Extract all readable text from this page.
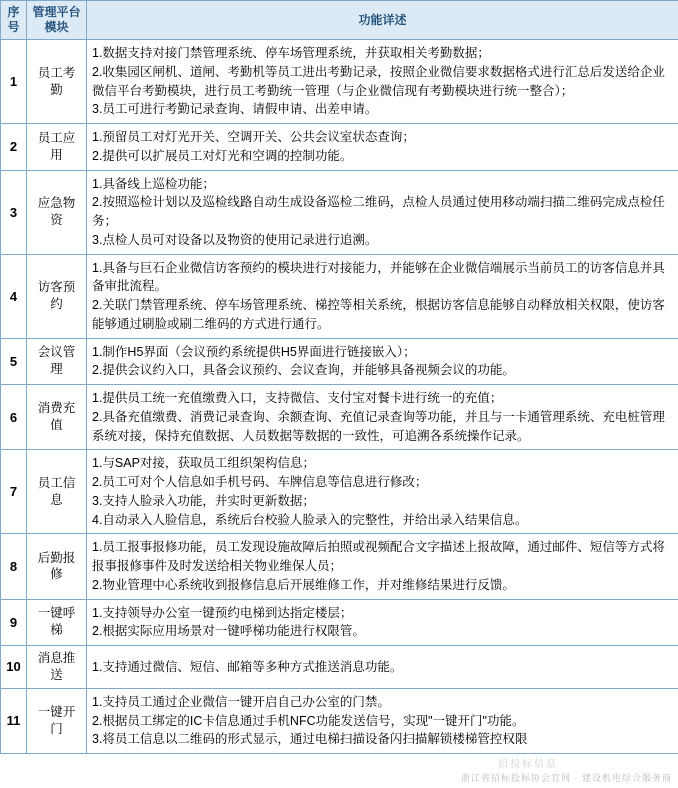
序号	管理平台模块	功能详述
1	员工考勤	1.数据支持对接门禁管理系统、停车场管理系统，并获取相关考勤数据；
2.收集园区闸机、道闸、考勤机等员工进出考勤记录，按照企业微信要求数据格式进行汇总后发送给企业微信平台考勤模块，进行员工考勤统一管理（与企业微信现有考勤模块进行统一整合）；
3.员工可进行考勤记录查询、请假申请、出差申请。

2	员工应用	1.预留员工对灯光开关、空调开关、公共会议室状态查询；
2.提供可以扩展员工对灯光和空调的控制功能。

3	应急物资	1.具备线上巡检功能；
2.按照巡检计划以及巡检线路自动生成设备巡检二维码，点检人员通过使用移动端扫描二维码完成点检任务；
3.点检人员可对设备以及物资的使用记录进行追溯。

4	访客预约	1.具备与巨石企业微信访客预约的模块进行对接能力，并能够在企业微信端展示当前员工的访客信息并具备审批流程。
2.关联门禁管理系统、停车场管理系统、梯控等相关系统，根据访客信息能够自动释放相关权限，使访客能够通过刷脸或刷二维码的方式进行通行。

5	会议管理	1.制作H5界面（会议预约系统提供H5界面进行链接嵌入）；
2.提供会议约入口，具备会议预约、会议查询，并能够具备视频会议的功能。

6	消费充值	1.提供员工统一充值缴费入口，支持微信、支付宝对餐卡进行统一的充值；
2.具备充值缴费、消费记录查询、余额查询、充值记录查询等功能，并且与一卡通管理系统、充电桩管理系统对接，保持充值数据、人员数据等数据的一致性，可追溯各系统操作记录。

7	员工信息	1.与SAP对接，获取员工组织架构信息；
2.员工可对个人信息如手机号码、车牌信息等信息进行修改；
3.支持人脸录入功能，并实时更新数据；
4.自动录入人脸信息，系统后台校验人脸录入的完整性，并给出录入结果信息。

8	后勤报修	1.员工报事报修功能，员工发现设施故障后拍照或视频配合文字描述上报故障，通过邮件、短信等方式将报事报修事件及时发送给相关物业维保人员；
2.物业管理中心系统收到报修信息后开展维修工作，并对维修结果进行反馈。

9	一键呼梯	1.支持领导办公室一键预约电梯到达指定楼层；
2.根据实际应用场景对一键呼梯功能进行权限管。

10	消息推送	1.支持通过微信、短信、邮箱等多种方式推送消息功能。

11	一键开门	1.支持员工通过企业微信一键开启自己办公室的门禁。
2.根据员工绑定的IC卡信息通过手机NFC功能发送信号，实现"一键开门"功能。
3.将员工信息以二维码的形式显示，通过电梯扫描设备闪扫描解锁楼梯管控权限
招投标信息
浙江省招标投标协会官网 · 建设机电综合服务商
